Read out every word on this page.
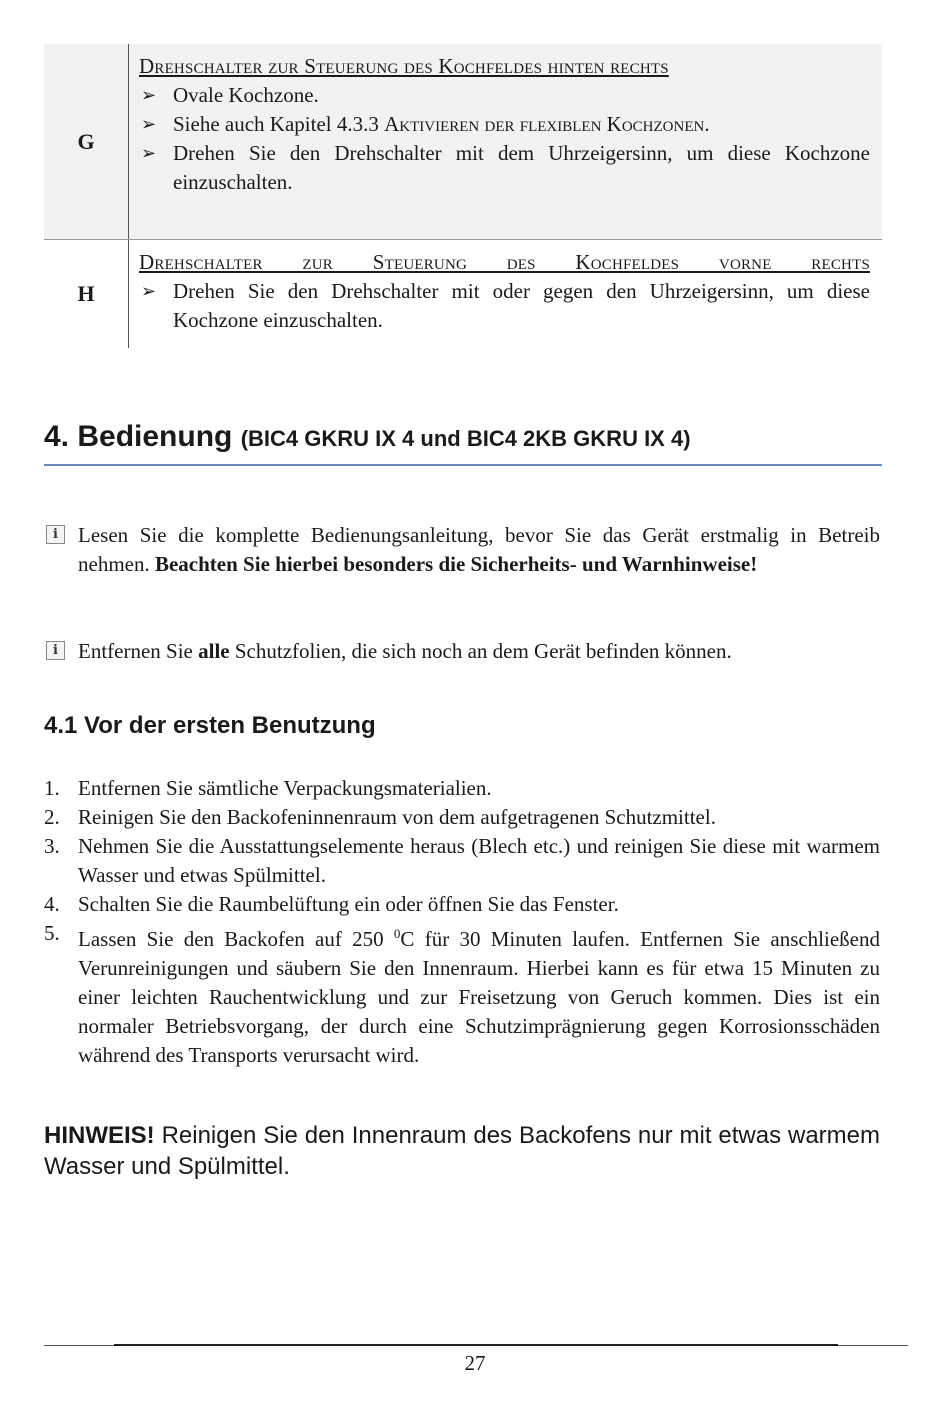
G
Drehschalter zur Steuerung des Kochfeldes hinten rechts
➢ Ovale Kochzone.
➢ Siehe auch Kapitel 4.3.3 Aktivieren der flexiblen Kochzonen.
➢ Drehen Sie den Drehschalter mit dem Uhrzeigersinn, um diese Kochzone einzuschalten.
H
Drehschalter zur Steuerung des Kochfeldes vorne rechts
➢ Drehen Sie den Drehschalter mit oder gegen den Uhrzeigersinn, um diese Kochzone einzuschalten.
4. Bedienung (BIC4 GKRU IX 4 und BIC4 2KB GKRU IX 4)
i Lesen Sie die komplette Bedienungsanleitung, bevor Sie das Gerät erstmalig in Betreib nehmen. Beachten Sie hierbei besonders die Sicherheits- und Warnhinweise!
i Entfernen Sie alle Schutzfolien, die sich noch an dem Gerät befinden können.
4.1 Vor der ersten Benutzung
1. Entfernen Sie sämtliche Verpackungsmaterialien.
2. Reinigen Sie den Backofeninnenraum von dem aufgetragenen Schutzmittel.
3. Nehmen Sie die Ausstattungselemente heraus (Blech etc.) und reinigen Sie diese mit warmem Wasser und etwas Spülmittel.
4. Schalten Sie die Raumbelüftung ein oder öffnen Sie das Fenster.
5. Lassen Sie den Backofen auf 250 $^0$C für 30 Minuten laufen. Entfernen Sie anschließend Verunreinigungen und säubern Sie den Innenraum. Hierbei kann es für etwa 15 Minuten zu einer leichten Rauchentwicklung und zur Freisetzung von Geruch kommen. Dies ist ein normaler Betriebsvorgang, der durch eine Schutzimprägnierung gegen Korrosionsschäden während des Transports verursacht wird.
HINWEIS! Reinigen Sie den Innenraum des Backofens nur mit etwas warmem Wasser und Spülmittel.
27
